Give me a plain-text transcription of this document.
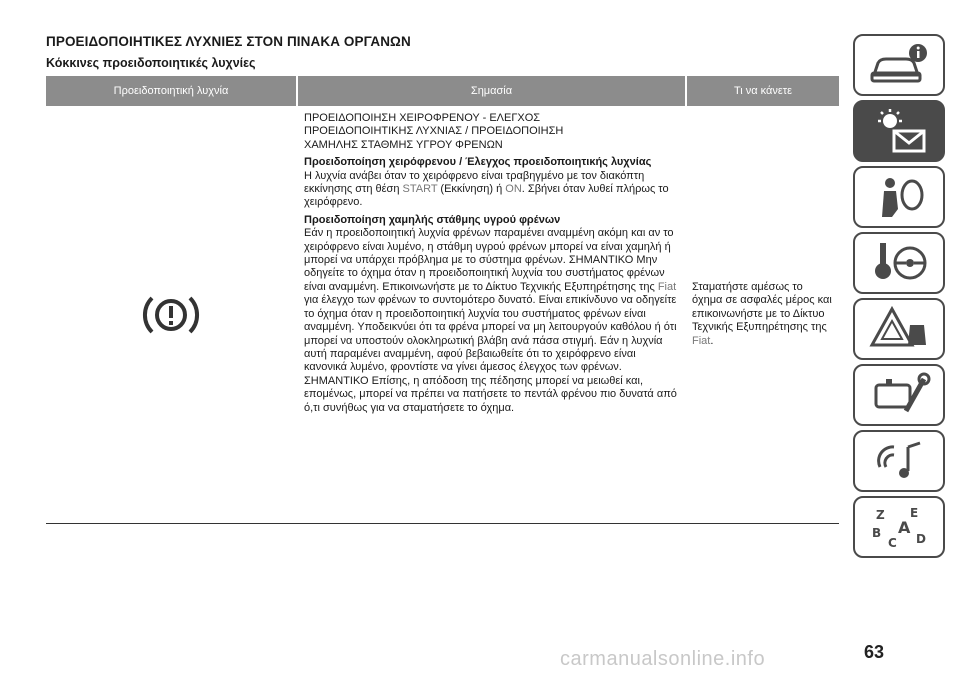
ΠΡΟΕΙΔΟΠΟΙΗΤΙΚΕΣ ΛΥΧΝΙΕΣ ΣΤΟΝ ΠΙΝΑΚΑ ΟΡΓΑΝΩΝ
Κόκκινες προειδοποιητικές λυχνίες
Προειδοποιητική λυχνία	Σημασία	Τι να κάνετε

ΠΡΟΕΙΔΟΠΟΙΗΣΗ ΧΕΙΡΟΦΡΕΝΟΥ - ΕΛΕΓΧΟΣ
ΠΡΟΕΙΔΟΠΟΙΗΤΙΚΗΣ ΛΥΧΝΙΑΣ / ΠΡΟΕΙΔΟΠΟΙΗΣΗ
ΧΑΜΗΛΗΣ ΣΤΑΘΜΗΣ ΥΓΡΟΥ ΦΡΕΝΩΝ

Προειδοποίηση χειρόφρενου / Έλεγχος προειδοποιητικής λυχνίας
Η λυχνία ανάβει όταν το χειρόφρενο είναι τραβηγμένο με τον διακόπτη εκκίνησης στη θέση START (Εκκίνηση) ή ON. Σβήνει όταν λυθεί πλήρως το χειρόφρενο.

Προειδοποίηση χαμηλής στάθμης υγρού φρένων
Εάν η προειδοποιητική λυχνία φρένων παραμένει αναμμένη ακόμη και αν το χειρόφρενο είναι λυμένο, η στάθμη υγρού φρένων μπορεί να είναι χαμηλή ή μπορεί να υπάρχει πρόβλημα με το σύστημα φρένων. ΣΗΜΑΝΤΙΚΟ Μην οδηγείτε το όχημα όταν η προειδοποιητική λυχνία του συστήματος φρένων είναι αναμμένη. Επικοινωνήστε με το Δίκτυο Τεχνικής Εξυπηρέτησης της Fiat για έλεγχο των φρένων το συντομότερο δυνατό. Είναι επικίνδυνο να οδηγείτε το όχημα όταν η προειδοποιητική λυχνία του συστήματος φρένων είναι αναμμένη. Υποδεικνύει ότι τα φρένα μπορεί να μη λειτουργούν καθόλου ή ότι μπορεί να υποστούν ολοκληρωτική βλάβη ανά πάσα στιγμή. Εάν η λυχνία αυτή παραμένει αναμμένη, αφού βεβαιωθείτε ότι το χειρόφρενο είναι κανονικά λυμένο, φροντίστε να γίνει άμεσος έλεγχος των φρένων. ΣΗΜΑΝΤΙΚΟ Επίσης, η απόδοση της πέδησης μπορεί να μειωθεί και, επομένως, μπορεί να πρέπει να πατήσετε το πεντάλ φρένου πιο δυνατά από ό,τι συνήθως για να σταματήσετε το όχημα.

Σταματήστε αμέσως το όχημα σε ασφαλές μέρος και επικοινωνήστε με το Δίκτυο Τεχνικής Εξυπηρέτησης της Fiat.
Z E
B A
C D
63
carmanualsonline.info
